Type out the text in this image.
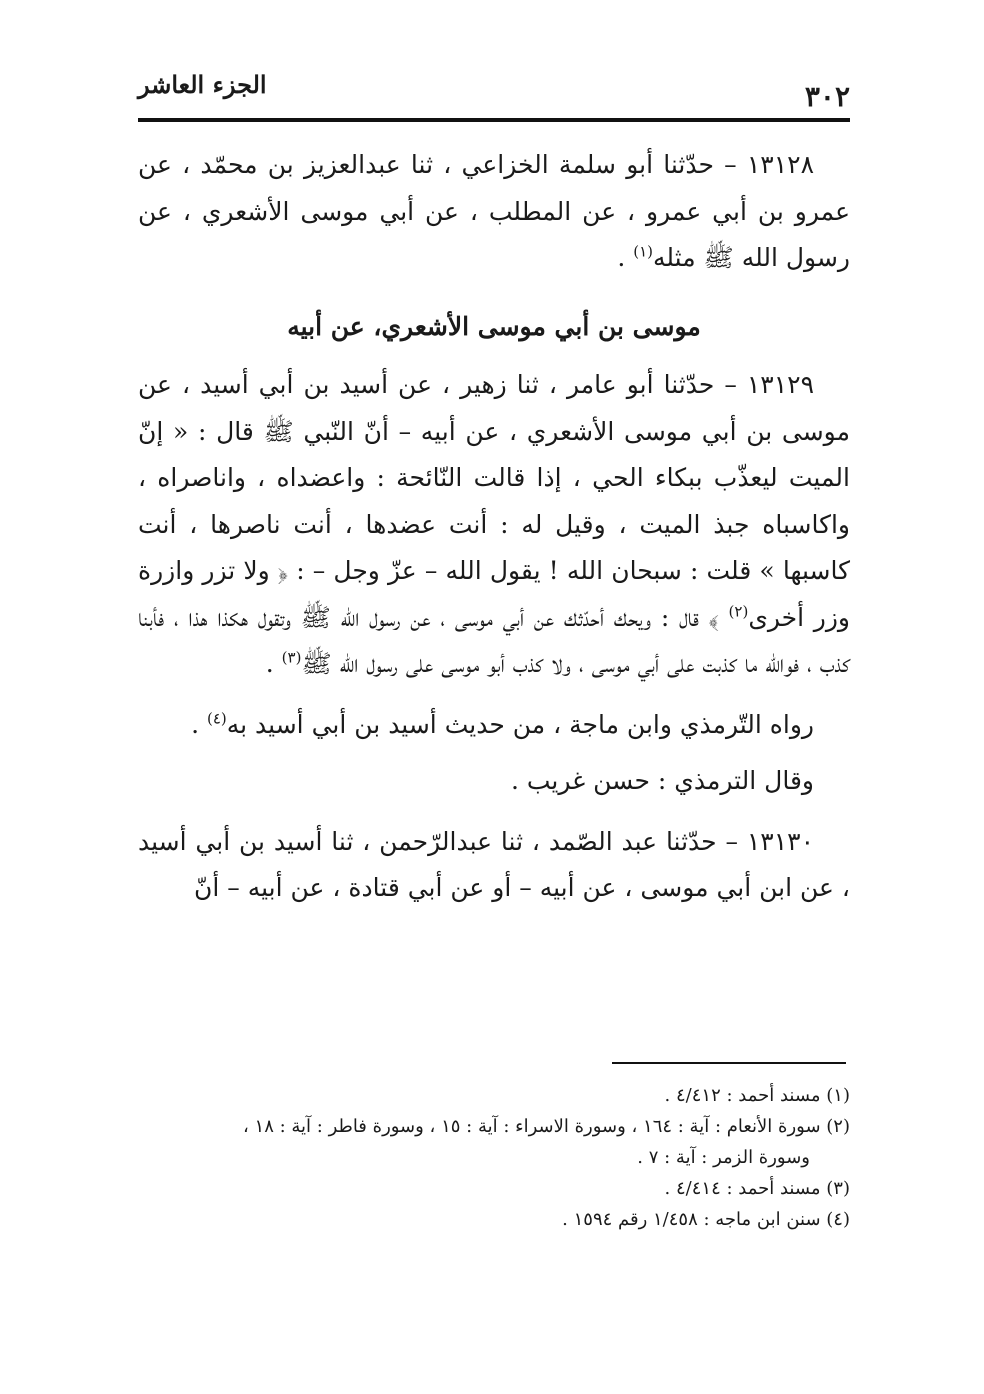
٣٠٢
الجزء العاشر

١٣١٢٨ – حدّثنا أبو سلمة الخزاعي ، ثنا عبدالعزيز بن محمّد ، عن عمرو بن أبي عمرو ، عن المطلب ، عن أبي موسى الأشعري ، عن رسول الله ﷺ مثله$^{(١)}$ .

موسى بن أبي موسى الأشعري، عن أبيه

١٣١٢٩ – حدّثنا أبو عامر ، ثنا زهير ، عن أسيد بن أبي أسيد ، عن موسى بن أبي موسى الأشعري ، عن أبيه – أنّ النّبي ﷺ قال : « إنّ الميت ليعذّب ببكاء الحي ، إذا قالت النّائحة : واعضداه ، واناصراه ، واكاسباه جبذ الميت ، وقيل له : أنت عضدها ، أنت ناصرها ، أنت كاسبها » قلت : سبحان الله ! يقول الله – عزّ وجل – : ﴿ ولا تزر وازرة وزر أخرى$^{(٢)}$ ﴾ قال : ويحك أحدّثك عن أبي موسى ، عن رسول الله ﷺ وتقول هكذا هذا ، فأبنا كذب ، فوالله ما كذبت على أبي موسى ، ولا كذب أبو موسى على رسول الله ﷺ$^{(٣)}$ .

رواه التّرمذي وابن ماجة ، من حديث أسيد بن أبي أسيد به$^{(٤)}$ .

وقال الترمذي : حسن غريب .

١٣١٣٠ – حدّثنا عبد الصّمد ، ثنا عبدالرّحمن ، ثنا أسيد بن أبي أسيد ، عن ابن أبي موسى ، عن أبيه – أو عن أبي قتادة ، عن أبيه – أنّ

(١) مسند أحمد : ٤/٤١٢ .

(٢) سورة الأنعام : آية : ١٦٤ ، وسورة الاسراء : آية : ١٥ ، وسورة فاطر : آية : ١٨ ،

وسورة الزمر : آية : ٧ .

(٣) مسند أحمد : ٤/٤١٤ .

(٤) سنن ابن ماجه : ١/٤٥٨ رقم ١٥٩٤ .
